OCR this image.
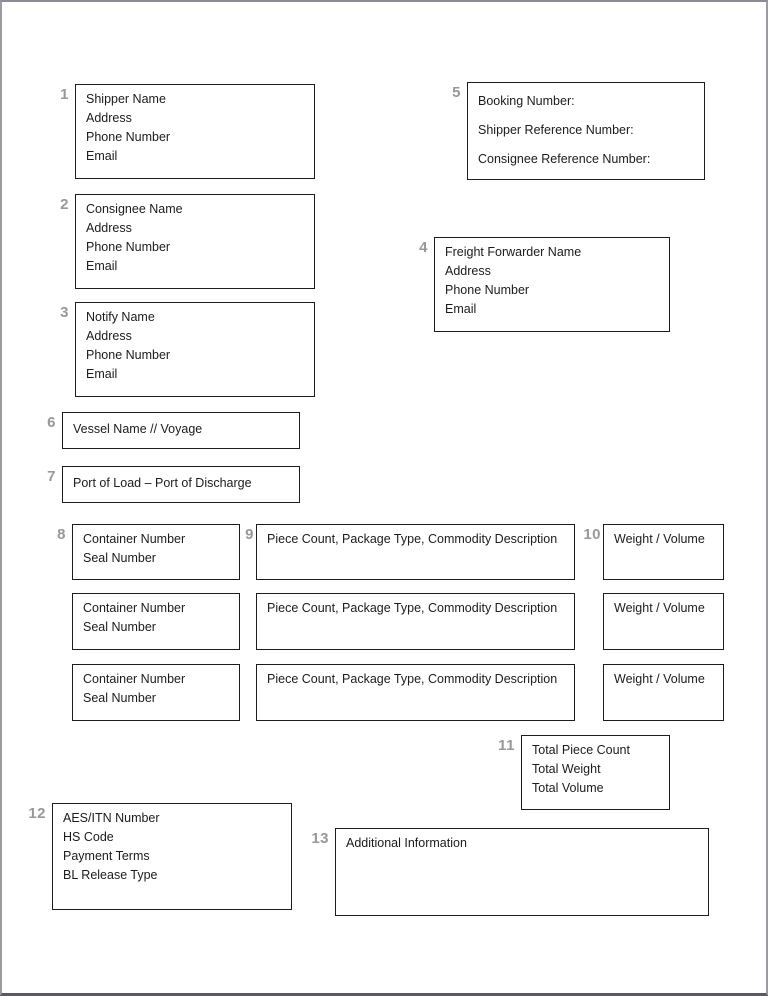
1 Shipper Name
Address
Phone Number
Email
2 Consignee Name
Address
Phone Number
Email
3 Notify Name
Address
Phone Number
Email
4 Freight Forwarder Name
Address
Phone Number
Email
5 Booking Number:
Shipper Reference Number:
Consignee Reference Number:
6	Vessel Name // Voyage
7	Port of Load – Port of Discharge
8 Container Number
Seal Number
9	Piece Count, Package Type, Commodity Description	10	Weight / Volume
Container Number
Seal Number
Piece Count, Package Type, Commodity Description	Weight / Volume
Container Number
Seal Number
Piece Count, Package Type, Commodity Description	Weight / Volume
11 Total Piece Count
Total Weight
Total Volume
12 AES/ITN Number
HS Code
Payment Terms
BL Release Type
13	Additional Information
